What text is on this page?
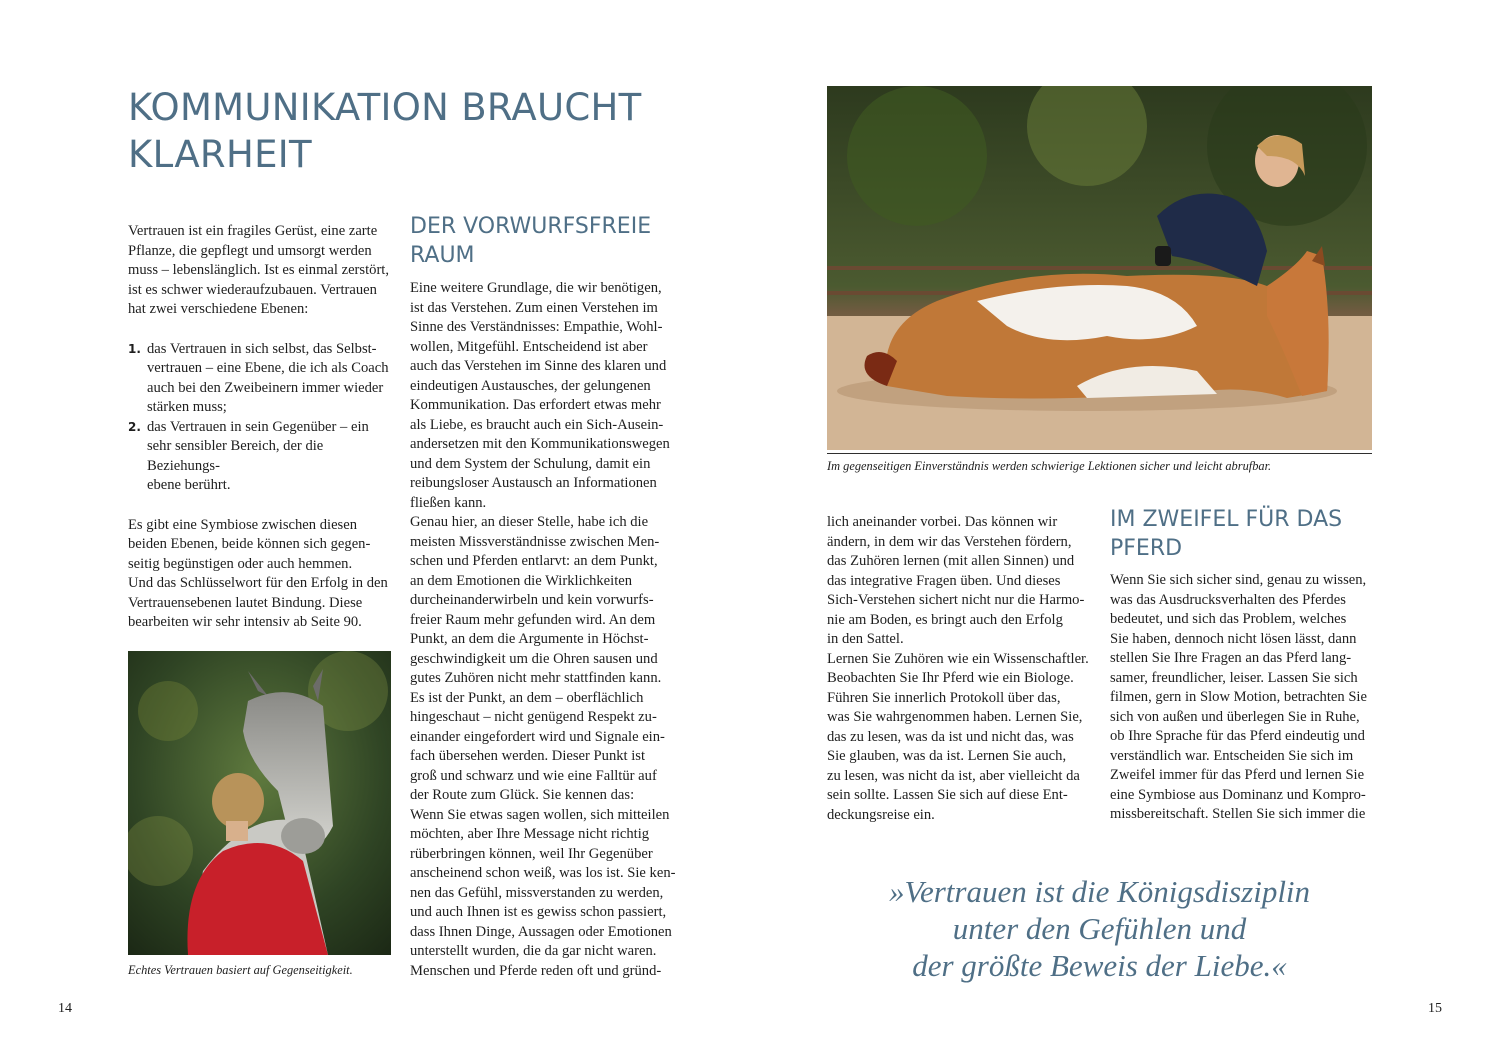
KOMMUNIKATION BRAUCHT
KLARHEIT

Vertrauen ist ein fragiles Gerüst, eine zarte

Pflanze, die gepflegt und umsorgt werden

muss – lebenslänglich. Ist es einmal zerstört,

ist es schwer wiederaufzubauen. Vertrauen

hat zwei verschiedene Ebenen:

1. das Vertrauen in sich selbst, das Selbst-
vertrauen – eine Ebene, die ich als Coach
auch bei den Zweibeinern immer wieder
stärken muss;
2. das Vertrauen in sein Gegenüber – ein
sehr sensibler Bereich, der die Beziehungs-
ebene berührt.

Es gibt eine Symbiose zwischen diesen

beiden Ebenen, beide können sich gegen-

seitig begünstigen oder auch hemmen.

Und das Schlüsselwort für den Erfolg in den

Vertrauensebenen lautet Bindung. Diese

bearbeiten wir sehr intensiv ab Seite 90.

Echtes Vertrauen basiert auf Gegenseitigkeit.

DER VORWURFSFREIE
RAUM

Eine weitere Grundlage, die wir benötigen,

ist das Verstehen. Zum einen Verstehen im

Sinne des Verständnisses: Empathie, Wohl-

wollen, Mitgefühl. Entscheidend ist aber

auch das Verstehen im Sinne des klaren und

eindeutigen Austausches, der gelungenen

Kommunikation. Das erfordert etwas mehr

als Liebe, es braucht auch ein Sich-Ausein-

andersetzen mit den Kommunikationswegen

und dem System der Schulung, damit ein

reibungsloser Austausch an Informationen

fließen kann.

Genau hier, an dieser Stelle, habe ich die

meisten Missverständnisse zwischen Men-

schen und Pferden entlarvt: an dem Punkt,

an dem Emotionen die Wirklichkeiten

durcheinanderwirbeln und kein vorwurfs-

freier Raum mehr gefunden wird. An dem

Punkt, an dem die Argumente in Höchst-

geschwindigkeit um die Ohren sausen und

gutes Zuhören nicht mehr stattfinden kann.

Es ist der Punkt, an dem – oberflächlich

hingeschaut – nicht genügend Respekt zu-

einander eingefordert wird und Signale ein-

fach übersehen werden. Dieser Punkt ist

groß und schwarz und wie eine Falltür auf

der Route zum Glück. Sie kennen das:

Wenn Sie etwas sagen wollen, sich mitteilen

möchten, aber Ihre Message nicht richtig

rüberbringen können, weil Ihr Gegenüber

anscheinend schon weiß, was los ist. Sie ken-

nen das Gefühl, missverstanden zu werden,

und auch Ihnen ist es gewiss schon passiert,

dass Ihnen Dinge, Aussagen oder Emotionen

unterstellt wurden, die da gar nicht waren.

Menschen und Pferde reden oft und gründ-

14

Im gegenseitigen Einverständnis werden schwierige Lektionen sicher und leicht abrufbar.

lich aneinander vorbei. Das können wir

ändern, in dem wir das Verstehen fördern,

das Zuhören lernen (mit allen Sinnen) und

das integrative Fragen üben. Und dieses

Sich-Verstehen sichert nicht nur die Harmo-

nie am Boden, es bringt auch den Erfolg

in den Sattel.

Lernen Sie Zuhören wie ein Wissenschaftler.

Beobachten Sie Ihr Pferd wie ein Biologe.

Führen Sie innerlich Protokoll über das,

was Sie wahrgenommen haben. Lernen Sie,

das zu lesen, was da ist und nicht das, was

Sie glauben, was da ist. Lernen Sie auch,

zu lesen, was nicht da ist, aber vielleicht da

sein sollte. Lassen Sie sich auf diese Ent-

deckungsreise ein.

IM ZWEIFEL FÜR DAS
PFERD

Wenn Sie sich sicher sind, genau zu wissen,

was das Ausdrucksverhalten des Pferdes

bedeutet, und sich das Problem, welches

Sie haben, dennoch nicht lösen lässt, dann

stellen Sie Ihre Fragen an das Pferd lang-

samer, freundlicher, leiser. Lassen Sie sich

filmen, gern in Slow Motion, betrachten Sie

sich von außen und überlegen Sie in Ruhe,

ob Ihre Sprache für das Pferd eindeutig und

verständlich war. Entscheiden Sie sich im

Zweifel immer für das Pferd und lernen Sie

eine Symbiose aus Dominanz und Kompro-

missbereitschaft. Stellen Sie sich immer die

»Vertrauen ist die Königsdisziplin

unter den Gefühlen und

der größte Beweis der Liebe.«

15
